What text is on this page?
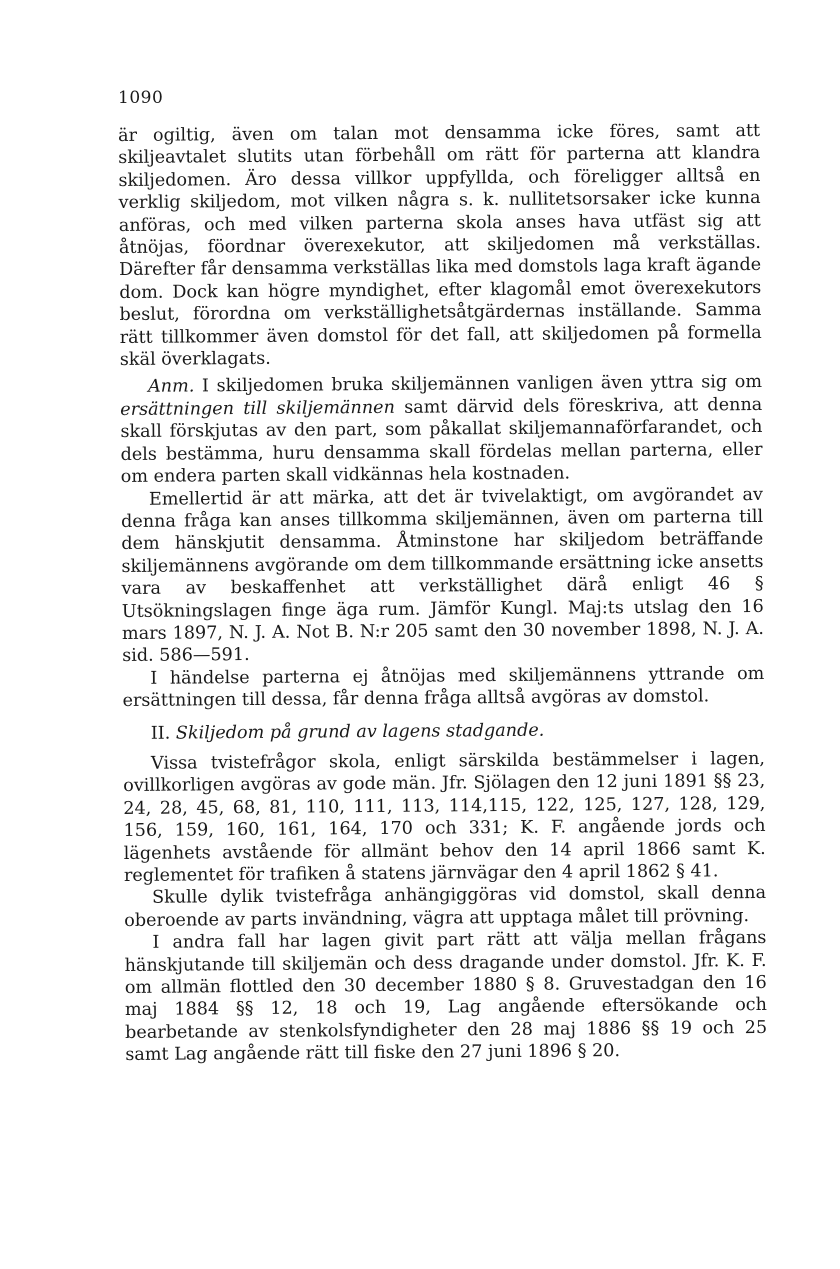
1090

är ogiltig, även om talan mot densamma icke föres, samt att skiljeavtalet slutits utan förbehåll om rätt för parterna att klandra skiljedomen. Äro dessa villkor uppfyllda, och föreligger alltså en verklig skiljedom, mot vilken några s. k. nullitetsorsaker icke kunna anföras, och med vilken parterna skola anses hava utfäst sig att åtnöjas, föordnar överexekutor, att skiljedomen må verkställas. Därefter får densamma verkställas lika med domstols laga kraft ägande dom. Dock kan högre myndighet, efter klagomål emot överexekutors beslut, förordna om verkställighetsåtgärdernas inställande. Samma rätt tillkommer även domstol för det fall, att skiljedomen på formella skäl överklagats.

Anm. I skiljedomen bruka skiljemännen vanligen även yttra sig om ersättningen till skiljemännen samt därvid dels föreskriva, att denna skall förskjutas av den part, som påkallat skiljemannaförfarandet, och dels bestämma, huru densamma skall fördelas mellan parterna, eller om endera parten skall vidkännas hela kostnaden.

Emellertid är att märka, att det är tvivelaktigt, om avgörandet av denna fråga kan anses tillkomma skiljemännen, även om parterna till dem hänskjutit densamma. Åtminstone har skiljedom beträffande skiljemännens avgörande om dem tillkommande ersättning icke ansetts vara av beskaffenhet att verkställighet därå enligt 46 § Utsökningslagen finge äga rum. Jämför Kungl. Maj:ts utslag den 16 mars 1897, N. J. A. Not B. N:r 205 samt den 30 november 1898, N. J. A. sid. 586—591.

I händelse parterna ej åtnöjas med skiljemännens yttrande om ersättningen till dessa, får denna fråga alltså avgöras av domstol.

II. Skiljedom på grund av lagens stadgande.

Vissa tvistefrågor skola, enligt särskilda bestämmelser i lagen, ovillkorligen avgöras av gode män. Jfr. Sjölagen den 12 juni 1891 §§ 23, 24, 28, 45, 68, 81, 110, 111, 113, 114,115, 122, 125, 127, 128, 129, 156, 159, 160, 161, 164, 170 och 331; K. F. angående jords och lägenhets avstående för allmänt behov den 14 april 1866 samt K. reglementet för trafiken å statens järnvägar den 4 april 1862 § 41.

Skulle dylik tvistefråga anhängiggöras vid domstol, skall denna oberoende av parts invändning, vägra att upptaga målet till prövning.

I andra fall har lagen givit part rätt att välja mellan frågans hänskjutande till skiljemän och dess dragande under domstol. Jfr. K. F. om allmän flottled den 30 december 1880 § 8. Gruvestadgan den 16 maj 1884 §§ 12, 18 och 19, Lag angående eftersökande och bearbetande av stenkolsfyndigheter den 28 maj 1886 §§ 19 och 25 samt Lag angående rätt till fiske den 27 juni 1896 § 20.
